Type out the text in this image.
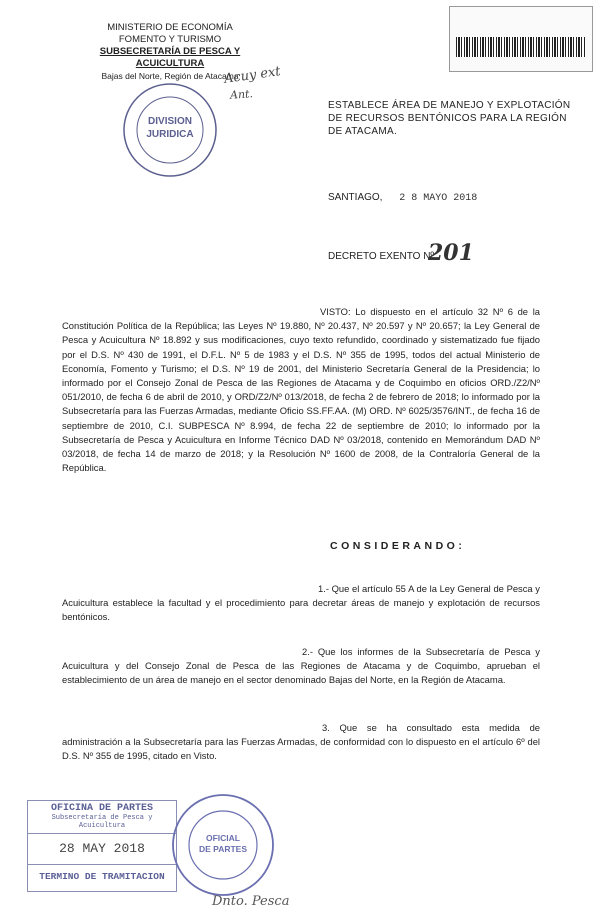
MINISTERIO DE ECONOMÍA
FOMENTO Y TURISMO
SUBSECRETARÍA DE PESCA Y ACUICULTURA
Bajas del Norte, Región de Atacama
Acuy ext
Ant.
DIVISION
JURIDICA
ESTABLECE ÁREA DE MANEJO Y EXPLOTACIÓN DE RECURSOS BENTÓNICOS PARA LA REGIÓN DE ATACAMA.
SANTIAGO, 2 8 MAYO 2018
DECRETO EXENTO Nº
201
VISTO: Lo dispuesto en el artículo 32 Nº 6 de la Constitución Política de la República; las Leyes Nº 19.880, Nº 20.437, Nº 20.597 y Nº 20.657; la Ley General de Pesca y Acuicultura Nº 18.892 y sus modificaciones, cuyo texto refundido, coordinado y sistematizado fue fijado por el D.S. Nº 430 de 1991, el D.F.L. Nº 5 de 1983 y el D.S. Nº 355 de 1995, todos del actual Ministerio de Economía, Fomento y Turismo; el D.S. Nº 19 de 2001, del Ministerio Secretaría General de la Presidencia; lo informado por el Consejo Zonal de Pesca de las Regiones de Atacama y de Coquimbo en oficios ORD./Z2/Nº 051/2010, de fecha 6 de abril de 2010, y ORD/Z2/Nº 013/2018, de fecha 2 de febrero de 2018; lo informado por la Subsecretaría para las Fuerzas Armadas, mediante Oficio SS.FF.AA. (M) ORD. Nº 6025/3576/INT., de fecha 16 de septiembre de 2010, C.I. SUBPESCA Nº 8.994, de fecha 22 de septiembre de 2010; lo informado por la Subsecretaría de Pesca y Acuicultura en Informe Técnico DAD Nº 03/2018, contenido en Memorándum DAD Nº 03/2018, de fecha 14 de marzo de 2018; y la Resolución Nº 1600 de 2008, de la Contraloría General de la República.
CONSIDERANDO:
1.- Que el artículo 55 A de la Ley General de Pesca y Acuicultura establece la facultad y el procedimiento para decretar áreas de manejo y explotación de recursos bentónicos.
2.- Que los informes de la Subsecretaría de Pesca y Acuicultura y del Consejo Zonal de Pesca de las Regiones de Atacama y de Coquimbo, aprueban el establecimiento de un área de manejo en el sector denominado Bajas del Norte, en la Región de Atacama.
3. Que se ha consultado esta medida de administración a la Subsecretaría para las Fuerzas Armadas, de conformidad con lo dispuesto en el artículo 6º del D.S. Nº 355 de 1995, citado en Visto.
OFICINA DE PARTES
Subsecretaría de Pesca y Acuicultura
28 MAY 2018
TERMINO DE TRAMITACION
OFICIAL
DE PARTES
Dnto. Pesca
